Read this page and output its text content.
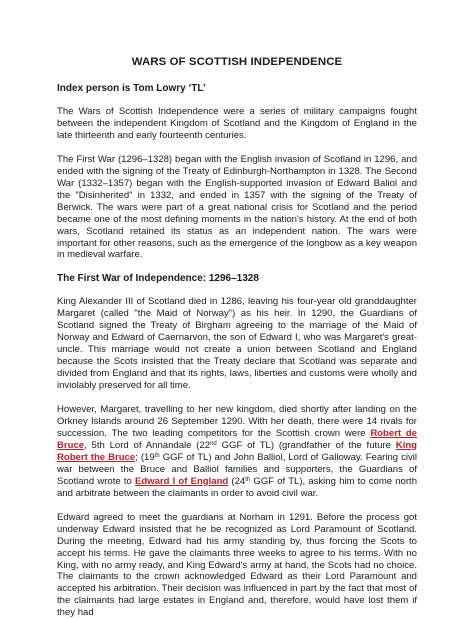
WARS OF SCOTTISH INDEPENDENCE
Index person is Tom Lowry ‘TL’

The Wars of Scottish Independence were a series of military campaigns fought between the independent Kingdom of Scotland and the Kingdom of England in the late thirteenth and early fourteenth centuries.

The First War (1296–1328) began with the English invasion of Scotland in 1296, and ended with the signing of the Treaty of Edinburgh-Northampton in 1328. The Second War (1332–1357) began with the English-supported invasion of Edward Baliol and the "Disinherited" in 1332, and ended in 1357 with the signing of the Treaty of Berwick. The wars were part of a great national crisis for Scotland and the period became one of the most defining moments in the nation's history. At the end of both wars, Scotland retained its status as an independent nation. The wars were important for other reasons, such as the emergence of the longbow as a key weapon in medieval warfare.

The First War of Independence: 1296–1328

King Alexander III of Scotland died in 1286, leaving his four-year old granddaughter Margaret (called "the Maid of Norway") as his heir. In 1290, the Guardians of Scotland signed the Treaty of Birgham agreeing to the marriage of the Maid of Norway and Edward of Caernarvon, the son of Edward I, who was Margaret's great-uncle. This marriage would not create a union between Scotland and England because the Scots insisted that the Treaty declare that Scotland was separate and divided from England and that its rights, laws, liberties and customs were wholly and inviolably preserved for all time.

However, Margaret, travelling to her new kingdom, died shortly after landing on the Orkney Islands around 26 September 1290. With her death, there were 14 rivals for succession. The two leading competitors for the Scottish crown were Robert de Bruce, 5th Lord of Annandale (22nd GGF of TL) (grandfather of the future King Robert the Bruce; (19th GGF of TL) and John Balliol, Lord of Galloway. Fearing civil war between the Bruce and Balliol families and supporters, the Guardians of Scotland wrote to Edward I of England (24th GGF of TL), asking him to come north and arbitrate between the claimants in order to avoid civil war.

Edward agreed to meet the guardians at Norham in 1291. Before the process got underway Edward insisted that he be recognized as Lord Paramount of Scotland. During the meeting, Edward had his army standing by, thus forcing the Scots to accept his terms. He gave the claimants three weeks to agree to his terms. With no King, with no army ready, and King Edward's army at hand, the Scots had no choice. The claimants to the crown acknowledged Edward as their Lord Paramount and accepted his arbitration. Their decision was influenced in part by the fact that most of the claimants had large estates in England and, therefore, would have lost them if they had
